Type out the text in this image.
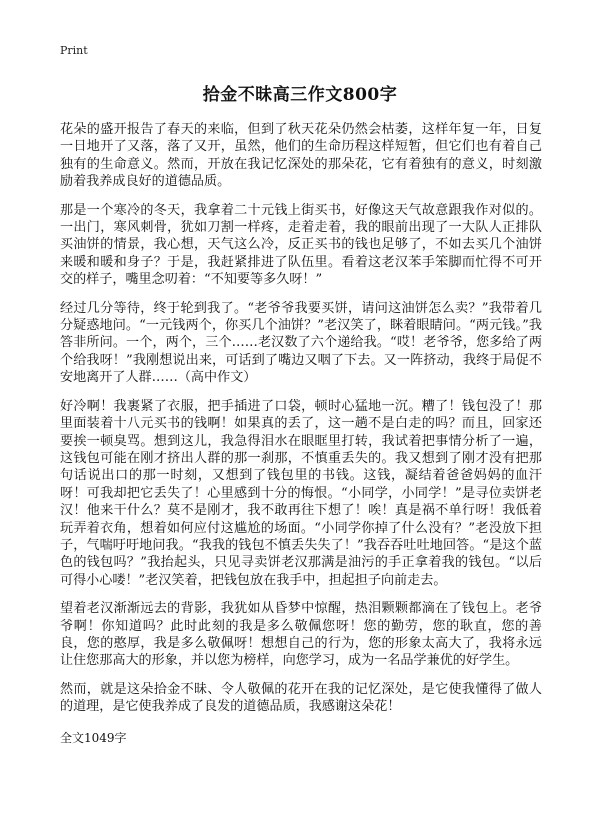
Print
拾金不昧高三作文800字

花朵的盛开报告了春天的来临，但到了秋天花朵仍然会枯萎，这样年复一年，日复一日地开了又落，落了又开，虽然，他们的生命历程这样短暂，但它们也有着自己独有的生命意义。然而，开放在我记忆深处的那朵花，它有着独有的意义，时刻激励着我养成良好的道德品质。

那是一个寒冷的冬天，我拿着二十元钱上街买书，好像这天气故意跟我作对似的。一出门，寒风刺骨，犹如刀割一样疼，走着走着，我的眼前出现了一大队人正排队买油饼的情景，我心想，天气这么冷，反正买书的钱也足够了，不如去买几个油饼来暖和暖和身子？于是，我赶紧排进了队伍里。看着这老汉苯手笨脚而忙得不可开交的样子，嘴里念叨着：“不知要等多久呀！”

经过几分等待，终于轮到我了。“老爷爷我要买饼，请问这油饼怎么卖？”我带着几分疑惑地问。“一元钱两个，你买几个油饼？”老汉笑了，眯着眼睛问。“两元钱。”我答非所问。一个，两个，三个……老汉数了六个递给我。“哎！老爷爷，您多给了两个给我呀！”我刚想说出来，可话到了嘴边又咽了下去。又一阵挤动，我终于局促不安地离开了人群……（高中作文）

好冷啊！我裹紧了衣服，把手插进了口袋，顿时心猛地一沉。糟了！钱包没了！那里面装着十八元买书的钱啊！如果真的丢了，这一趟不是白走的吗？而且，回家还要挨一顿臭骂。想到这儿，我急得泪水在眼眶里打转，我试着把事情分析了一遍，这钱包可能在刚才挤出人群的那一刹那，不慎重丢失的。我又想到了刚才没有把那句话说出口的那一时刻，又想到了钱包里的书钱。这钱，凝结着爸爸妈妈的血汗呀！可我却把它丢失了！心里感到十分的悔恨。“小同学，小同学！”是寻位卖饼老汉！他来干什么？莫不是刚才，我不敢再往下想了！唉！真是祸不单行呀！我低着玩弄着衣角，想着如何应付这尴尬的场面。“小同学你掉了什么没有？”老没放下担子，气喘吁吁地问我。“我我的钱包不慎丢失失了！”我吞吞吐吐地回答。“是这个蓝色的钱包吗？”我抬起头，只见寻卖饼老汉那满是油污的手正拿着我的钱包。“以后可得小心喽！”老汉笑着，把钱包放在我手中，担起担子向前走去。

望着老汉渐渐远去的背影，我犹如从昏梦中惊醒，热泪颗颗都滴在了钱包上。老爷爷啊！你知道吗？此时此刻的我是多么敬佩您呀！您的勤劳，您的耿直，您的善良，您的憨厚，我是多么敬佩呀！想想自己的行为，您的形象太高大了，我将永远让住您那高大的形象，并以您为榜样，向您学习，成为一名品学兼优的好学生。

然而，就是这朵拾金不昧、令人敬佩的花开在我的记忆深处，是它使我懂得了做人的道理，是它使我养成了良发的道德品质，我感谢这朵花！

全文1049字
